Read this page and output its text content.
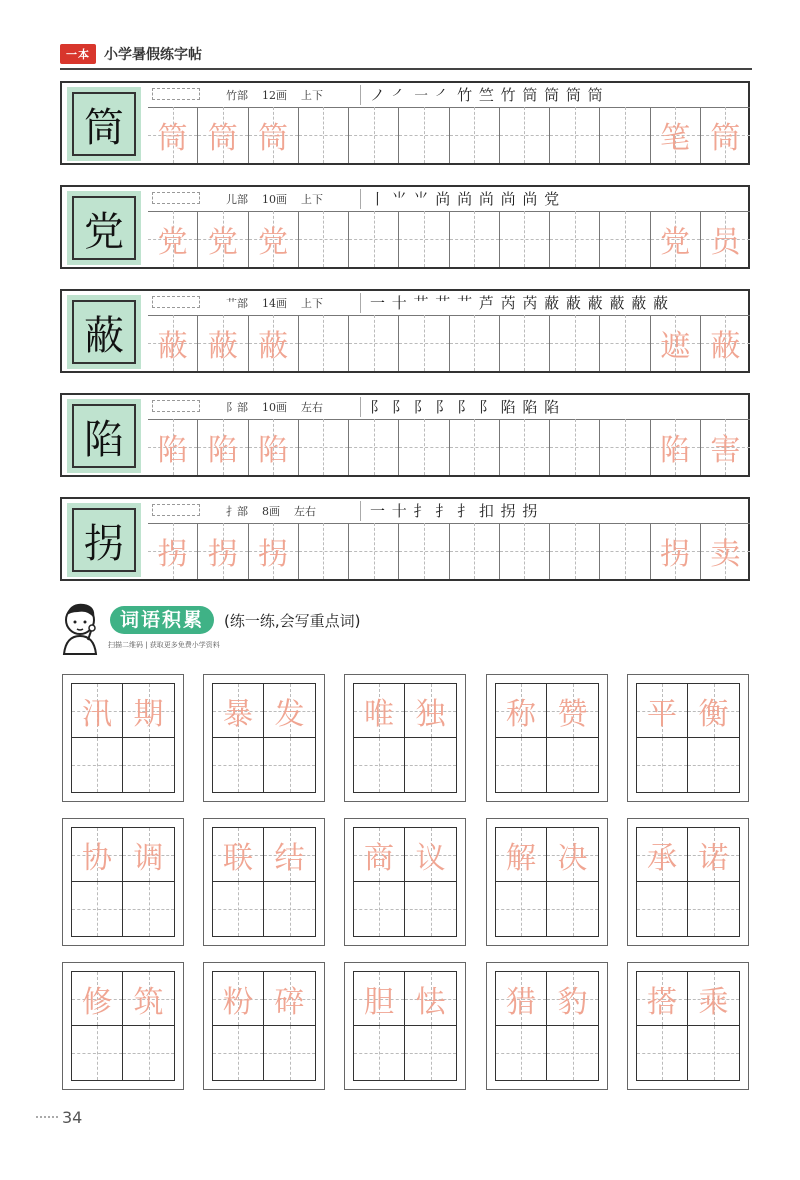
一本	小学暑假练字帖
筒
竹部    12画    上下	ノ ㇒ ㇐ ㇒ 竹 竺 竹 筒 筒 筒 筒
筒 筒 筒	笔 筒
党
儿部    10画    上下	丨 ⺌ ⺌ 尚 尚 尚 尚 尚 党
党 党 党	党 员
蔽
艹部    14画    上下	一 十 艹 艹 艹 芦 芮 芮 蔽 蔽 蔽 蔽 蔽 蔽
蔽 蔽 蔽	遮 蔽
陷
阝部    10画    左右	阝 阝 阝 阝 阝 阝 陷 陷 陷
陷 陷 陷	陷 害
拐
扌部    8画    左右	一 十 扌 扌 扌 扣 拐 拐
拐 拐 拐	拐 卖
词语积累	(练一练,会写重点词)
扫描二维码 | 获取更多免费小学资料
汛 期 暴 发 唯 独 称 赞 平 衡
协 调 联 结 商 议 解 决 承 诺
修 筑 粉 碎 胆 怯 猎 豹 搭 乘
34
